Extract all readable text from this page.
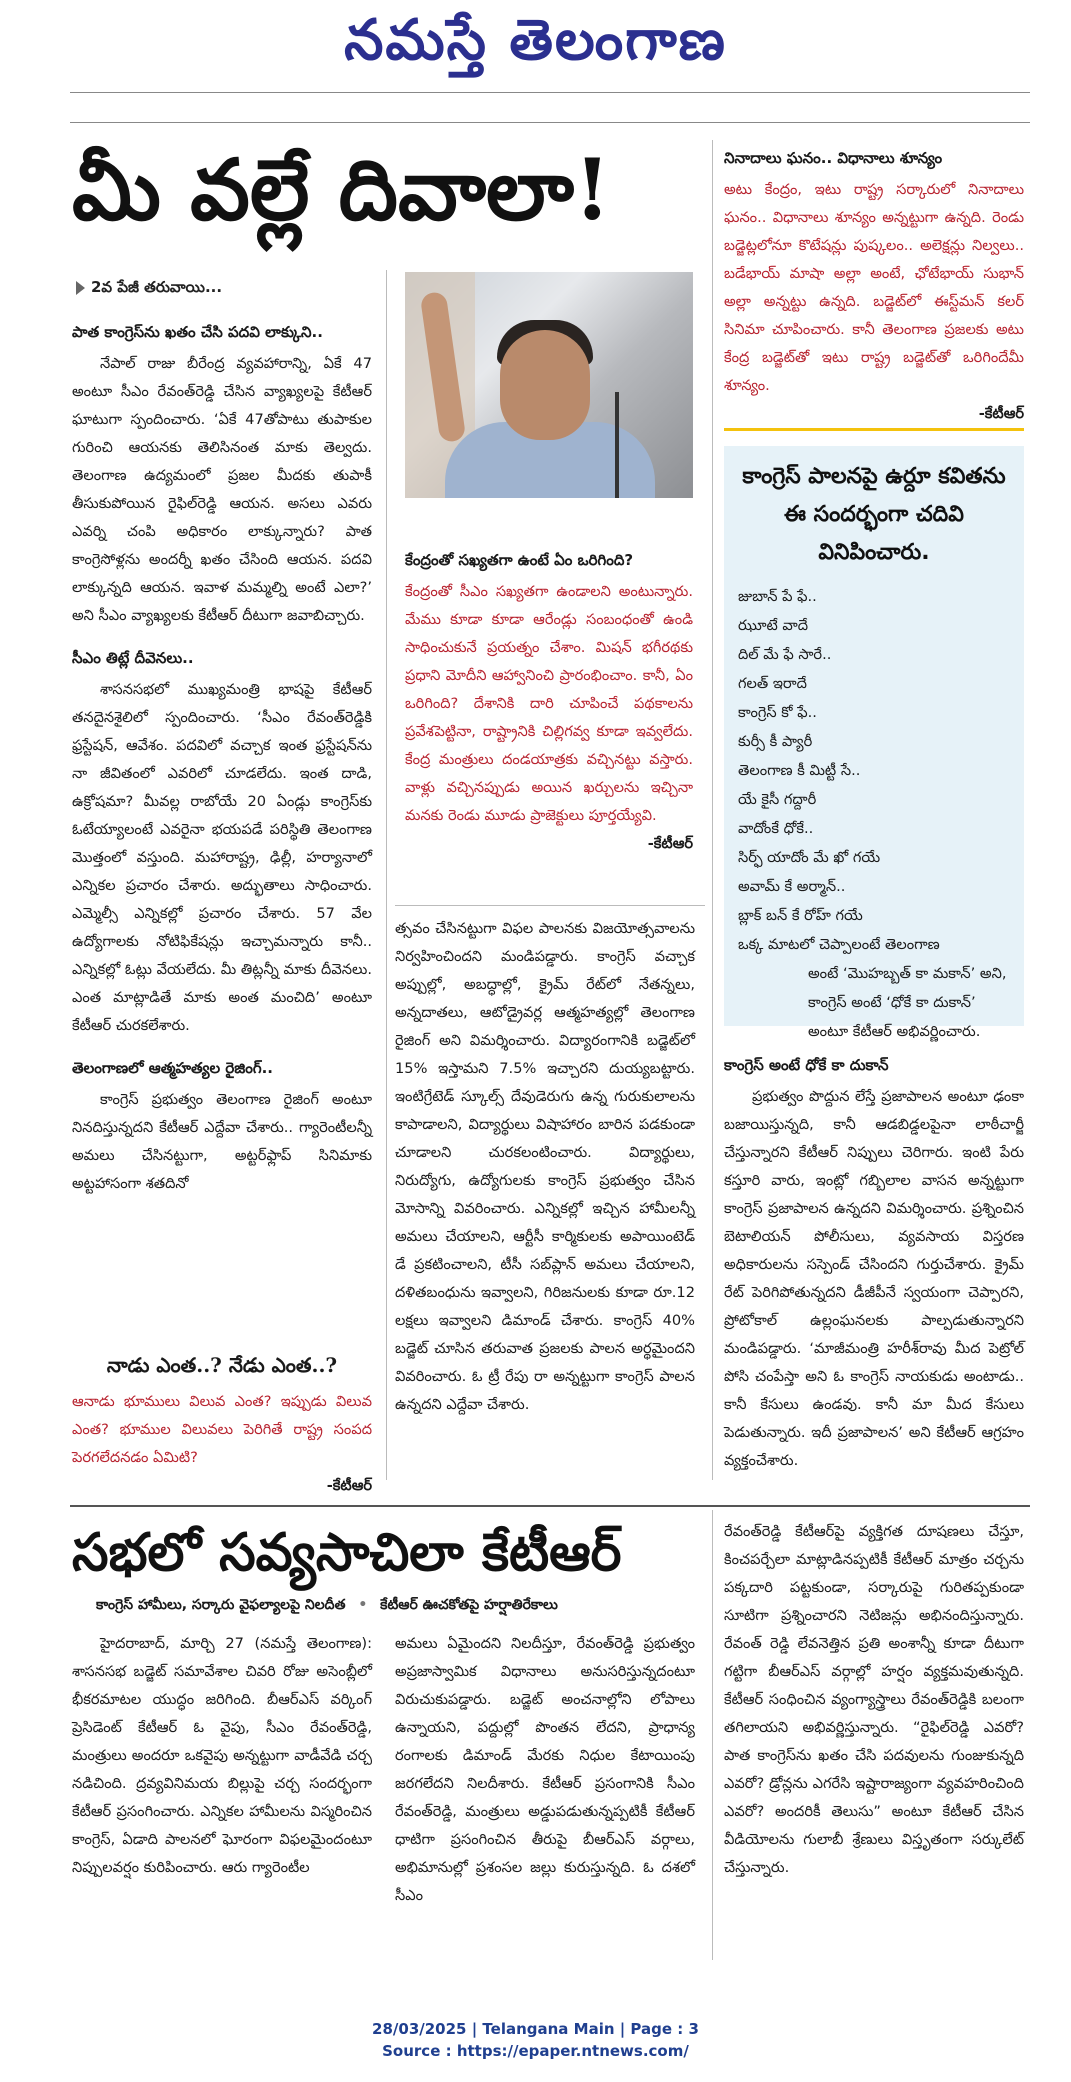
నమస్తే తెలంగాణ
మీ వల్లే దివాలా!
2వ పేజీ తరువాయి...
పాత కాంగ్రెస్‌ను ఖతం చేసి పదవి లాక్కుని..

నేపాల్‌ రాజు బీరేంద్ర వ్యవహారాన్ని, ఏకే 47 అంటూ సీఎం రేవంత్‌రెడ్డి చేసిన వ్యాఖ్యలపై కేటీఆర్‌ ఘాటుగా స్పందించారు. ‘ఏకే 47తోపాటు తుపాకుల గురించి ఆయనకు తెలిసినంత మాకు తెల్వదు. తెలంగాణ ఉద్యమంలో ప్రజల మీదకు తుపాకీ తీసుకుపోయిన రైఫిల్‌రెడ్డి ఆయన. అసలు ఎవరు ఎవర్ని చంపి అధికారం లాక్కున్నారు? పాత కాంగ్రెసోళ్లను అందర్నీ ఖతం చేసింది ఆయన. పదవి లాక్కున్నది ఆయన. ఇవాళ మమ్మల్ని అంటే ఎలా?’ అని సీఎం వ్యాఖ్యలకు కేటీఆర్‌ దీటుగా జవాబిచ్చారు.

సీఎం తిట్లే దీవెనలు..

శాసనసభలో ముఖ్యమంత్రి భాషపై కేటీఆర్‌ తనదైనశైలిలో స్పందించారు. ‘సీఎం రేవంత్‌రెడ్డికి ఫ్రస్టేషన్‌, ఆవేశం. పదవిలో వచ్చాక ఇంత ఫ్రస్టేషన్‌ను నా జీవితంలో ఎవరిలో చూడలేదు. ఇంత దాడి, ఉక్రోషమా? మీవల్ల రాబోయే 20 ఏండ్లు కాంగ్రెస్‌కు ఓటేయ్యాలంటే ఎవరైనా భయపడే పరిస్థితి తెలంగాణ మొత్తంలో వస్తుంది. మహారాష్ట్ర, ఢిల్లీ, హర్యానాలో ఎన్నికల ప్రచారం చేశారు. అద్భుతాలు సాధించారు. ఎమ్మెల్సీ ఎన్నికల్లో ప్రచారం చేశారు. 57 వేల ఉద్యోగాలకు నోటిఫికేషన్లు ఇచ్చామన్నారు కానీ.. ఎన్నికల్లో ఓట్లు వేయలేదు. మీ తిట్లన్నీ మాకు దీవెనలు. ఎంత మాట్లాడితే మాకు అంత మంచిది’ అంటూ కేటీఆర్‌ చురకలేశారు.

తెలంగాణలో ఆత్మహత్యల రైజింగ్‌..

కాంగ్రెస్‌ ప్రభుత్వం తెలంగాణ రైజింగ్‌ అంటూ నినదిస్తున్నదని కేటీఆర్‌ ఎద్దేవా చేశారు.. గ్యారెంటీలన్నీ అమలు చేసినట్టుగా, అట్టర్‌ఫ్లాప్‌ సినిమాకు అట్టహాసంగా శతదినో

నాడు ఎంత..? నేడు ఎంత..?
ఆనాడు భూములు విలువ ఎంత? ఇప్పుడు విలువ ఎంత? భూముల విలువలు పెరిగితే రాష్ట్ర సంపద పెరగలేదనడం ఏమిటి?
-కేటీఆర్‌
కేంద్రంతో సఖ్యతగా ఉంటే ఏం ఒరిగింది?
కేంద్రంతో సీఎం సఖ్యతగా ఉండాలని అంటున్నారు. మేము కూడా కూడా ఆరేండ్లు సంబంధంతో ఉండి సాధించుకునే ప్రయత్నం చేశాం. మిషన్‌ భగీరథకు ప్రధాని మోదీని ఆహ్వానించి ప్రారంభించాం. కానీ, ఏం ఒరిగింది? దేశానికి దారి చూపించే పథకాలను ప్రవేశపెట్టినా, రాష్ట్రానికి చిల్లిగవ్వ కూడా ఇవ్వలేదు. కేంద్ర మంత్రులు దండయాత్రకు వచ్చినట్టు వస్తారు. వాళ్లు వచ్చినప్పుడు అయిన ఖర్చులను ఇచ్చినా మనకు రెండు మూడు ప్రాజెక్టులు పూర్తయ్యేవి.
-కేటీఆర్‌
త్సవం చేసినట్టుగా విఫల పాలనకు విజయోత్సవాలను నిర్వహించిందని మండిపడ్డారు. కాంగ్రెస్‌ వచ్చాక అప్పుల్లో, అబద్ధాల్లో, క్రైమ్‌ రేట్‌లో నేతన్నలు, అన్నదాతలు, ఆటోడ్రైవర్ల ఆత్మహత్యల్లో తెలంగాణ రైజింగ్‌ అని విమర్శించారు. విద్యారంగానికి బడ్జెట్‌లో 15% ఇస్తామని 7.5% ఇచ్చారని దుయ్యబట్టారు. ఇంటిగ్రేటెడ్‌ స్కూల్స్‌ దేవుడెరుగు ఉన్న గురుకులాలను కాపాడాలని, విద్యార్థులు విషాహారం బారిన పడకుండా చూడాలని చురకలంటించారు. విద్యార్థులు, నిరుద్యోగు, ఉద్యోగులకు కాంగ్రెస్‌ ప్రభుత్వం చేసిన మోసాన్ని వివరించారు. ఎన్నికల్లో ఇచ్చిన హామీలన్నీ అమలు చేయాలని, ఆర్టీసీ కార్మికులకు అపాయింటెడ్‌ డే ప్రకటించాలని, టీసీ సబ్‌ప్లాన్‌ అమలు చేయాలని, దళితబంధును ఇవ్వాలని, గిరిజనులకు కూడా రూ.12 లక్షలు ఇవ్వాలని డిమాండ్‌ చేశారు. కాంగ్రెస్‌ 40% బడ్జెట్‌ చూసిన తరువాత ప్రజలకు పాలన అర్థమైందని వివరించారు. ఓ ట్రీ రేపు రా అన్నట్టుగా కాంగ్రెస్‌ పాలన ఉన్నదని ఎద్దేవా చేశారు.
నినాదాలు ఘనం.. విధానాలు శూన్యం
అటు కేంద్రం, ఇటు రాష్ట్ర సర్కారులో నినాదాలు ఘనం.. విధానాలు శూన్యం అన్నట్టుగా ఉన్నది. రెండు బడ్జెట్లలోనూ కొటేషన్లు పుష్కలం.. అలెక్షన్లు నిల్వలు.. బడేభాయ్‌ మాషా అల్లా అంటే, ఛోటేభాయ్‌ సుభాన్‌ అల్లా అన్నట్టు ఉన్నది. బడ్జెట్‌లో ఈస్ట్‌మన్‌ కలర్‌ సినిమా చూపించారు. కానీ తెలంగాణ ప్రజలకు అటు కేంద్ర బడ్జెట్‌తో ఇటు రాష్ట్ర బడ్జెట్‌తో ఒరిగిందేమీ శూన్యం.
-కేటీఆర్‌
కాంగ్రెస్‌ పాలనపై ఉర్దూ కవితను ఈ సందర్భంగా చదివి వినిపించారు.
జుబాన్‌ పే ఫే..
ఝూటే వాదే
దిల్‌ మే ఫే సారే..
గలత్‌ ఇరాదే
కాంగ్రెస్‌ కో ఫే..
కుర్సీ కీ ప్యారీ
తెలంగాణ కీ మిట్టీ సే..
యే కైసీ గద్దారీ
వాదోంకే ధోకే..
సిర్ఫ్‌ యాదోం మే ఖో గయే
అవామ్‌ కే అర్మాన్‌..
బ్లాక్‌ బన్‌ కే రోహ్‌ గయే
ఒక్క మాటలో చెప్పాలంటే తెలంగాణ
అంటే ‘మొహబ్బత్‌ కా మకాన్‌’ అని,
కాంగ్రెస్‌ అంటే ‘ధోకే కా దుకాన్‌’
అంటూ కేటీఆర్‌ అభివర్ణించారు.
కాంగ్రెస్‌ అంటే ధోకే కా దుకాన్‌

ప్రభుత్వం పొద్దున లేస్తే ప్రజాపాలన అంటూ ఢంకా బజాయిస్తున్నది, కానీ ఆడబిడ్డలపైనా లాఠీచార్జీ చేస్తున్నారని కేటీఆర్‌ నిప్పులు చెరిగారు. ఇంటి పేరు కస్తూరి వారు, ఇంట్లో గబ్బిలాల వాసన అన్నట్టుగా కాంగ్రెస్‌ ప్రజాపాలన ఉన్నదని విమర్శించారు. ప్రశ్నించిన బెటాలియన్‌ పోలీసులు, వ్యవసాయ విస్తరణ అధికారులను సస్పెండ్‌ చేసిందని గుర్తుచేశారు. క్రైమ్‌ రేట్‌ పెరిగిపోతున్నదని డీజీపీనే స్వయంగా చెప్పారని, ప్రోటోకాల్‌ ఉల్లంఘనలకు పాల్పడుతున్నారని మండిపడ్డారు. ‘మాజీమంత్రి హరీశ్‌రావు మీద పెట్రోల్‌ పోసి చంపేస్తా అని ఓ కాంగ్రెస్‌ నాయకుడు అంటాడు.. కానీ కేసులు ఉండవు. కానీ మా మీద కేసులు పెడుతున్నారు. ఇదీ ప్రజాపాలన’ అని కేటీఆర్‌ ఆగ్రహం వ్యక్తంచేశారు.

సభలో సవ్యసాచిలా కేటీఆర్‌
కాంగ్రెస్‌ హామీలు, సర్కారు వైఫల్యాలపై నిలదీత • కేటీఆర్‌ ఊచకోతపై హర్షాతిరేకాలు

హైదరాబాద్‌, మార్చి 27 (నమస్తే తెలంగాణ): శాసనసభ బడ్జెట్‌ సమావేశాల చివరి రోజు అసెంబ్లీలో భీకరమాటల యుద్ధం జరిగింది. బీఆర్‌ఎస్‌ వర్కింగ్‌ ప్రెసిడెంట్‌ కేటీఆర్‌ ఓ వైపు, సీఎం రేవంత్‌రెడ్డి, మంత్రులు అందరూ ఒకవైపు అన్నట్టుగా వాడీవేడి చర్చ నడిచింది. ద్రవ్యవినిమయ బిల్లుపై చర్చ సందర్భంగా కేటీఆర్‌ ప్రసంగించారు. ఎన్నికల హామీలను విస్మరించిన కాంగ్రెస్‌, ఏడాది పాలనలో ఘోరంగా విఫలమైందంటూ నిప్పులవర్షం కురిపించారు. ఆరు గ్యారెంటీల

అమలు ఏమైందని నిలదీస్తూ, రేవంత్‌రెడ్డి ప్రభుత్వం అప్రజాస్వామిక విధానాలు అనుసరిస్తున్నదంటూ విరుచుకుపడ్డారు. బడ్జెట్‌ అంచనాల్లోని లోపాలు ఉన్నాయని, పద్దుల్లో పొంతన లేదని, ప్రాధాన్య రంగాలకు డిమాండ్‌ మేరకు నిధుల కేటాయింపు జరగలేదని నిలదీశారు. కేటీఆర్‌ ప్రసంగానికి సీఎం రేవంత్‌రెడ్డి, మంత్రులు అడ్డుపడుతున్నప్పటికీ కేటీఆర్‌ ధాటిగా ప్రసంగించిన తీరుపై బీఆర్‌ఎస్‌ వర్గాలు, అభిమానుల్లో ప్రశంసల జల్లు కురుస్తున్నది. ఓ దశలో సీఎం
రేవంత్‌రెడ్డి కేటీఆర్‌పై వ్యక్తిగత దూషణలు చేస్తూ, కించపర్చేలా మాట్లాడినప్పటికీ కేటీఆర్‌ మాత్రం చర్చను పక్కదారి పట్టకుండా, సర్కారుపై గురితప్పకుండా సూటిగా ప్రశ్నించారని నెటిజన్లు అభినందిస్తున్నారు. రేవంత్‌ రెడ్డి లేవనెత్తిన ప్రతి అంశాన్నీ కూడా దీటుగా గట్టిగా బీఆర్‌ఎస్‌ వర్గాల్లో హర్షం వ్యక్తమవుతున్నది. కేటీఆర్‌ సంధించిన వ్యంగ్యాస్త్రాలు రేవంత్‌రెడ్డికి బలంగా తగిలాయని అభివర్ణిస్తున్నారు. “రైఫిల్‌రెడ్డి ఎవరో? పాత కాంగ్రెస్‌ను ఖతం చేసి పదవులను గుంజుకున్నది ఎవరో? డ్రోన్లను ఎగరేసి ఇష్టారాజ్యంగా వ్యవహరించింది ఎవరో? అందరికీ తెలుసు” అంటూ కేటీఆర్‌ చేసిన వీడియోలను గులాబీ శ్రేణులు విస్తృతంగా సర్కులేట్‌ చేస్తున్నారు.
28/03/2025 | Telangana Main | Page : 3
Source : https://epaper.ntnews.com/
